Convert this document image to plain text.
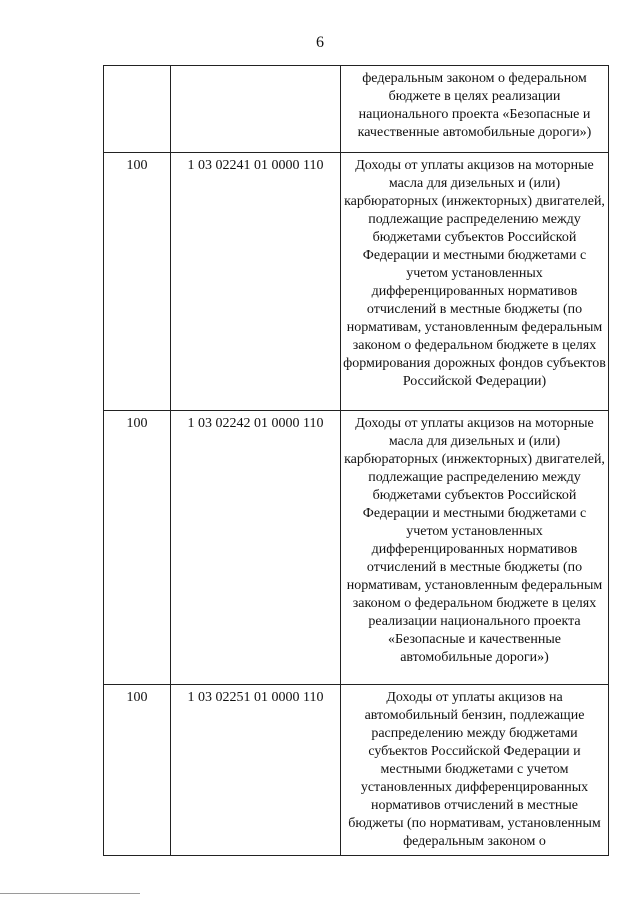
6
		федеральным законом о федеральном бюджете в целях реализации национального проекта «Безопасные и качественные автомобильные дороги»)
100	1 03 02241 01 0000 110	Доходы от уплаты акцизов на моторные масла для дизельных и (или) карбюраторных (инжекторных) двигателей, подлежащие распределению между бюджетами субъектов Российской Федерации и местными бюджетами с учетом установленных дифференцированных нормативов отчислений в местные бюджеты (по нормативам, установленным федеральным законом о федеральном бюджете в целях формирования дорожных фондов субъектов Российской Федерации)
100	1 03 02242 01 0000 110	Доходы от уплаты акцизов на моторные масла для дизельных и (или) карбюраторных (инжекторных) двигателей, подлежащие распределению между бюджетами субъектов Российской Федерации и местными бюджетами с учетом установленных дифференцированных нормативов отчислений в местные бюджеты (по нормативам, установленным федеральным законом о федеральном бюджете в целях реализации национального проекта «Безопасные и качественные автомобильные дороги»)
100	1 03 02251 01 0000 110	Доходы от уплаты акцизов на автомобильный бензин, подлежащие распределению между бюджетами субъектов Российской Федерации и местными бюджетами с учетом установленных дифференцированных нормативов отчислений в местные бюджеты (по нормативам, установленным федеральным законом о
